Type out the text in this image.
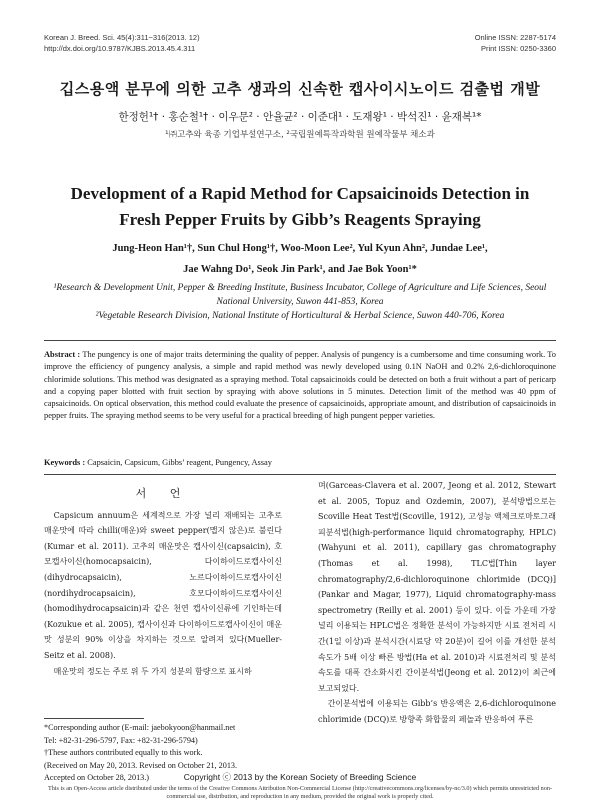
Korean J. Breed. Sci. 45(4):311~316(2013. 12)
http://dx.doi.org/10.9787/KJBS.2013.45.4.311
Online ISSN: 2287-5174
Print ISSN: 0250-3360
깁스용액 분무에 의한 고추 생과의 신속한 캡사이시노이드 검출법 개발
한정헌¹† · 홍순철¹† · 이우문² · 안율균² · 이준대¹ · 도재왕¹ · 박석진¹ · 윤재복¹*
¹㈜고추와 육종 기업부설연구소, ²국립원예특작과학원 원예작물부 채소과
Development of a Rapid Method for Capsaicinoids Detection in
Fresh Pepper Fruits by Gibb’s Reagents Spraying
Jung-Heon Han¹†, Sun Chul Hong¹†, Woo-Moon Lee², Yul Kyun Ahn², Jundae Lee¹,
Jae Wahng Do¹, Seok Jin Park¹, and Jae Bok Yoon¹*

¹Research & Development Unit, Pepper & Breeding Institute, Business Incubator, College of Agriculture and Life Sciences, Seoul National University, Suwon 441-853, Korea

²Vegetable Research Division, National Institute of Horticultural & Herbal Science, Suwon 440-706, Korea

Abstract : The pungency is one of major traits determining the quality of pepper. Analysis of pungency is a cumbersome and time consuming work. To improve the efficiency of pungency analysis, a simple and rapid method was newly developed using 0.1N NaOH and 0.2% 2,6-dichloroquinone chlorimide solutions. This method was designated as a spraying method. Total capsaicinoids could be detected on both a fruit without a part of pericarp and a copying paper blotted with fruit section by spraying with above solutions in 5 minutes. Detection limit of the method was 40 ppm of capsaicinoids. On optical observation, this method could evaluate the presence of capsaicinoids, appropriate amount, and distribution of capsaicinoids in pepper fruits. The spraying method seems to be very useful for a practical breeding of high pungent pepper varieties.
Keywords : Capsaicin, Capsicum, Gibbs’ reagent, Pungency, Assay
서 언

Capsicum annuum은 세계적으로 가장 널리 재배되는 고추로 매운맛에 따라 chilli(매운)와 sweet pepper(맵지 않은)로 불린다(Kumar et al. 2011). 고추의 매운맛은 캡사이신(capsaicin), 호모캡사이신(homocapsaicin), 다이하이드로캡사이신(dihydrocapsaicin), 노르다이하이드로캡사이신(nordihydrocapsaicin), 호모다이하이드로캡사이신(homodihydrocapsaicin)과 같은 천연 캡사이신류에 기인하는데(Kozukue et al. 2005), 캡사이신과 다이하이드로캡사이신이 매운맛 성분의 90% 이상을 차지하는 것으로 알려져 있다(Mueller-Seitz et al. 2008).

매운맛의 정도는 주로 위 두 가지 성분의 함량으로 표시하

며(Garceas-Clavera et al. 2007, Jeong et al. 2012, Stewart et al. 2005, Topuz and Ozdemin, 2007), 분석방법으로는 Scoville Heat Test법(Scoville, 1912), 고성능 액체크로마토그래피분석법(high-performance liquid chromatography, HPLC) (Wahyuni et al. 2011), capillary gas chromatography (Thomas et al. 1998), TLC법[Thin layer chromatography/2,6-dichloroquinone chlorimide (DCQ)] (Pankar and Magar, 1977), Liquid chromatography-mass spectrometry (Reilly et al. 2001) 등이 있다. 이들 가운데 가장 널리 이용되는 HPLC법은 정확한 분석이 가능하지만 시료 전처리 시간(1일 이상)과 분석시간(시료당 약 20분)이 길어 이를 개선한 분석속도가 5배 이상 빠른 방법(Ha et al. 2010)과 시료전처리 및 분석속도를 대폭 간소화시킨 간이분석법(Jeong et al. 2012)이 최근에 보고되었다.

간이분석법에 이용되는 Gibb’s 반응액은 2,6-dichloroquinone chlorimide (DCQ)로 방향족 화합물의 페놀과 반응하여 푸른

*Corresponding author (E-mail: jaebokyoon@hanmail.net

Tel: +82-31-296-5797, Fax: +82-31-296-5794)

†These authors contributed equally to this work.

(Received on May 20, 2013. Revised on October 21, 2013.

Accepted on October 28, 2013.)	Copyright ⓒ 2013 by the Korean Society of Breeding Science
This is an Open-Access article distributed under the terms of the Creative Commons Attribution Non-Commercial License (http://creativecommons.org/licenses/by-nc/3.0) which permits unrestricted non-commercial use, distribution, and reproduction in any medium, provided the original work is properly cited.
